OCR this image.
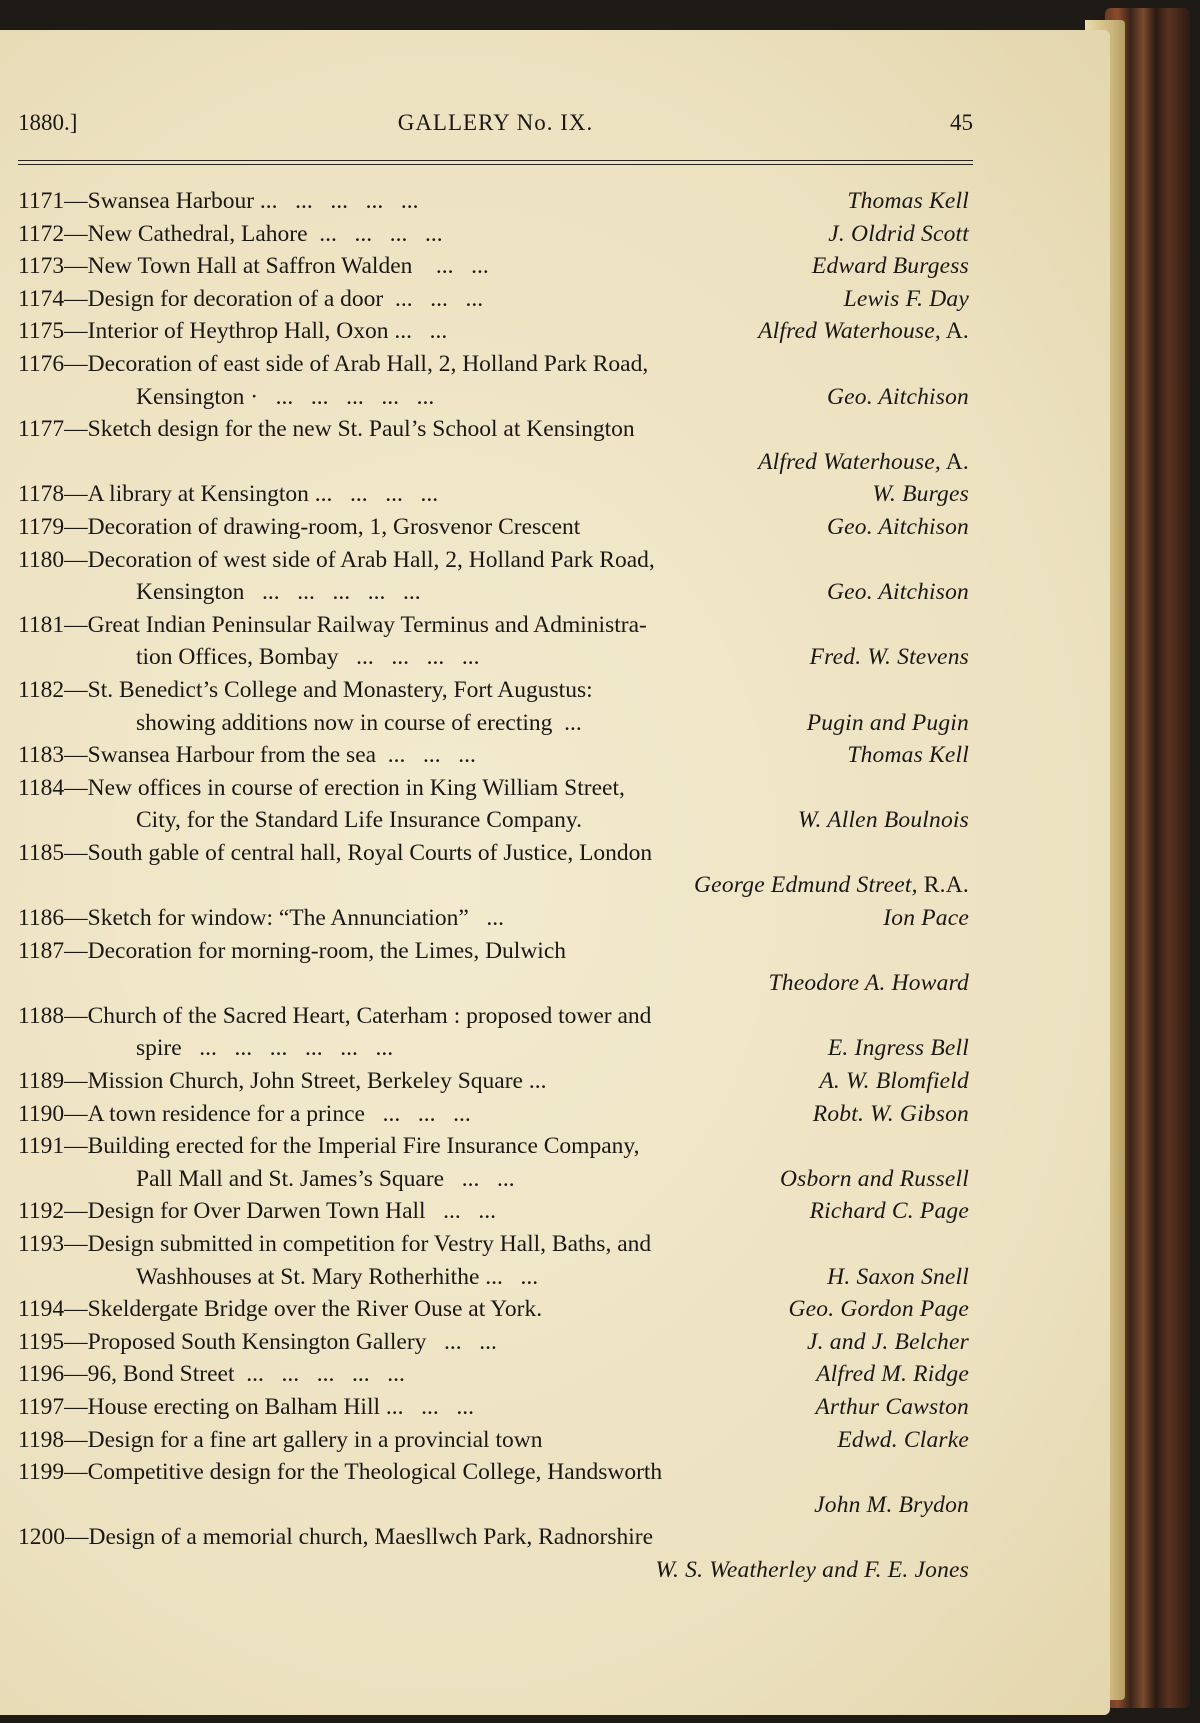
1880.]	GALLERY No. IX.	45
1171—Swansea Harbour ...   ...   ...   ...   ...	Thomas Kell
1172—New Cathedral, Lahore  ...   ...   ...   ...	J. Oldrid Scott
1173—New Town Hall at Saffron Walden    ...   ...	Edward Burgess
1174—Design for decoration of a door  ...   ...   ...	Lewis F. Day
1175—Interior of Heythrop Hall, Oxon ...   ...	Alfred Waterhouse, A.
1176—Decoration of east side of Arab Hall, 2, Holland Park Road,
Kensington ·   ...   ...   ...   ...   ...	Geo. Aitchison
1177—Sketch design for the new St. Paul’s School at Kensington
Alfred Waterhouse, A.
1178—A library at Kensington ...   ...   ...   ...	W. Burges
1179—Decoration of drawing-room, 1, Grosvenor Crescent	Geo. Aitchison
1180—Decoration of west side of Arab Hall, 2, Holland Park Road,
Kensington   ...   ...   ...   ...   ...	Geo. Aitchison
1181—Great Indian Peninsular Railway Terminus and Administra-
tion Offices, Bombay   ...   ...   ...   ...	Fred. W. Stevens
1182—St. Benedict’s College and Monastery, Fort Augustus:
showing additions now in course of erecting  ...	Pugin and Pugin
1183—Swansea Harbour from the sea  ...   ...   ...	Thomas Kell
1184—New offices in course of erection in King William Street,
City, for the Standard Life Insurance Company.	W. Allen Boulnois
1185—South gable of central hall, Royal Courts of Justice, London
George Edmund Street, R.A.
1186—Sketch for window: “The Annunciation”   ...	Ion Pace
1187—Decoration for morning-room, the Limes, Dulwich
Theodore A. Howard
1188—Church of the Sacred Heart, Caterham : proposed tower and
spire   ...   ...   ...   ...   ...   ...	E. Ingress Bell
1189—Mission Church, John Street, Berkeley Square ...	A. W. Blomfield
1190—A town residence for a prince   ...   ...   ...	Robt. W. Gibson
1191—Building erected for the Imperial Fire Insurance Company,
Pall Mall and St. James’s Square   ...   ...	Osborn and Russell
1192—Design for Over Darwen Town Hall   ...   ...	Richard C. Page
1193—Design submitted in competition for Vestry Hall, Baths, and
Washhouses at St. Mary Rotherhithe ...   ...	H. Saxon Snell
1194—Skeldergate Bridge over the River Ouse at York.	Geo. Gordon Page
1195—Proposed South Kensington Gallery   ...   ...	J. and J. Belcher
1196—96, Bond Street  ...   ...   ...   ...   ...	Alfred M. Ridge
1197—House erecting on Balham Hill ...   ...   ...	Arthur Cawston
1198—Design for a fine art gallery in a provincial town	Edwd. Clarke
1199—Competitive design for the Theological College, Handsworth
John M. Brydon
1200—Design of a memorial church, Maesllwch Park, Radnorshire
W. S. Weatherley and F. E. Jones
